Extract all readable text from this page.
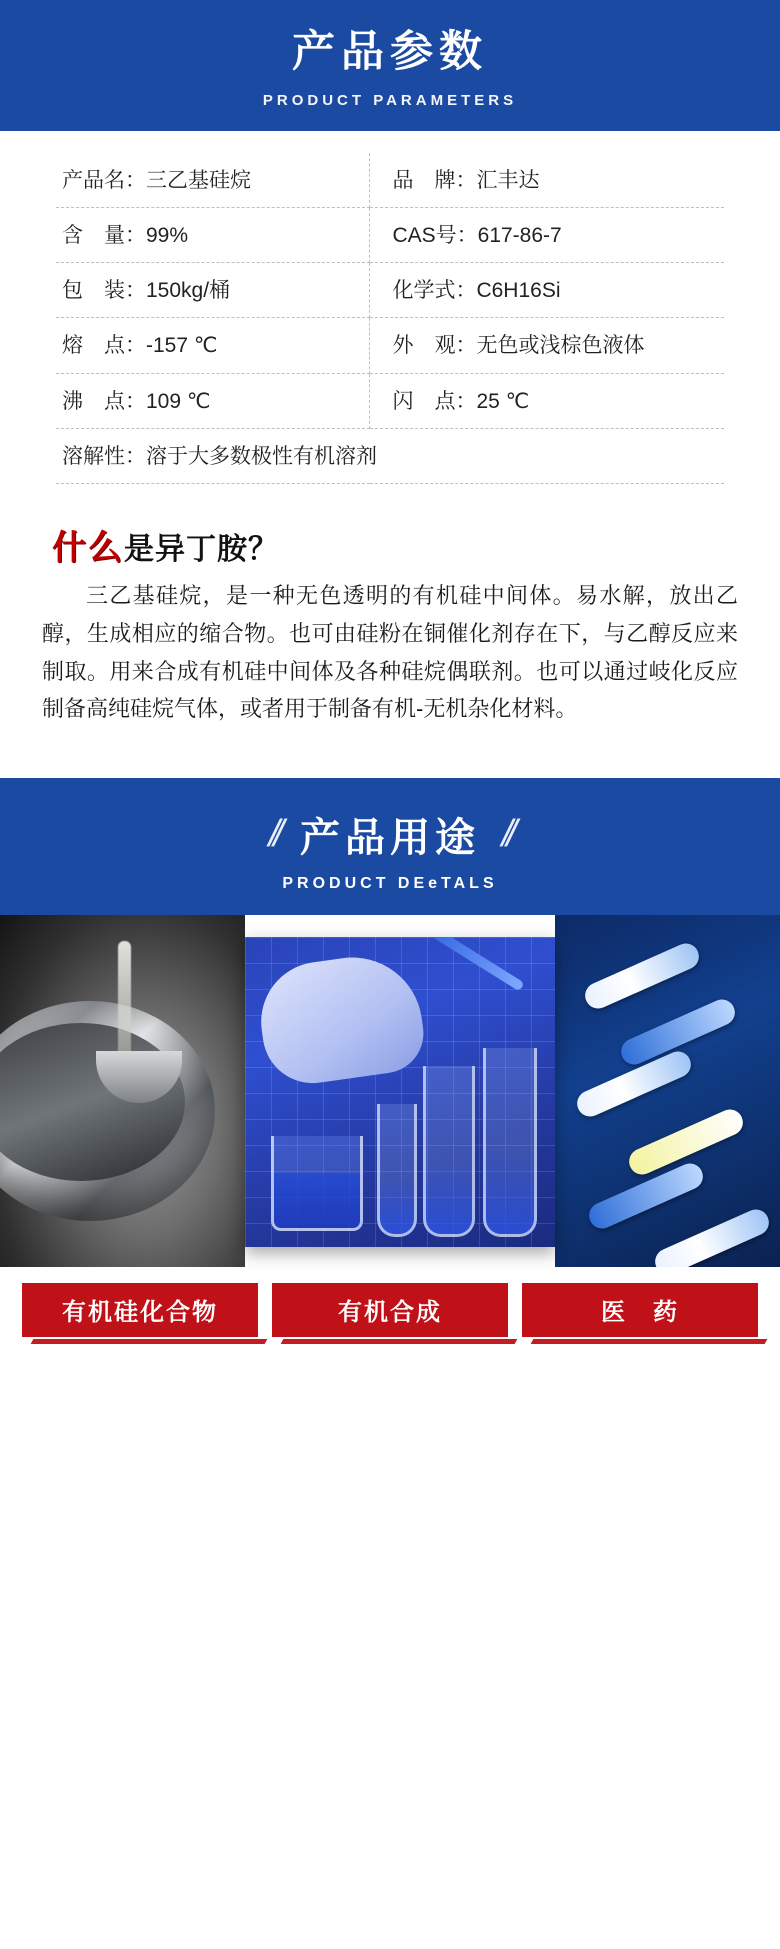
产品参数
PRODUCT PARAMETERS
产品名：三乙基硅烷	品　牌：汇丰达
含　量：99%	CAS号：617-86-7
包　装：150kg/桶	化学式：C6H16Si
熔　点：-157 ℃	外　观：无色或浅棕色液体
沸　点：109 ℃	闪　点：25 ℃
溶解性：溶于大多数极性有机溶剂	
什么是异丁胺？

三乙基硅烷，是一种无色透明的有机硅中间体。易水解，放出乙醇，生成相应的缩合物。也可由硅粉在铜催化剂存在下，与乙醇反应来制取。用来合成有机硅中间体及各种硅烷偶联剂。也可以通过岐化反应制备高纯硅烷气体，或者用于制备有机-无机杂化材料。

// 产品用途 //
PRODUCT DEeTALS
有机硅化合物	有机合成	医　药
